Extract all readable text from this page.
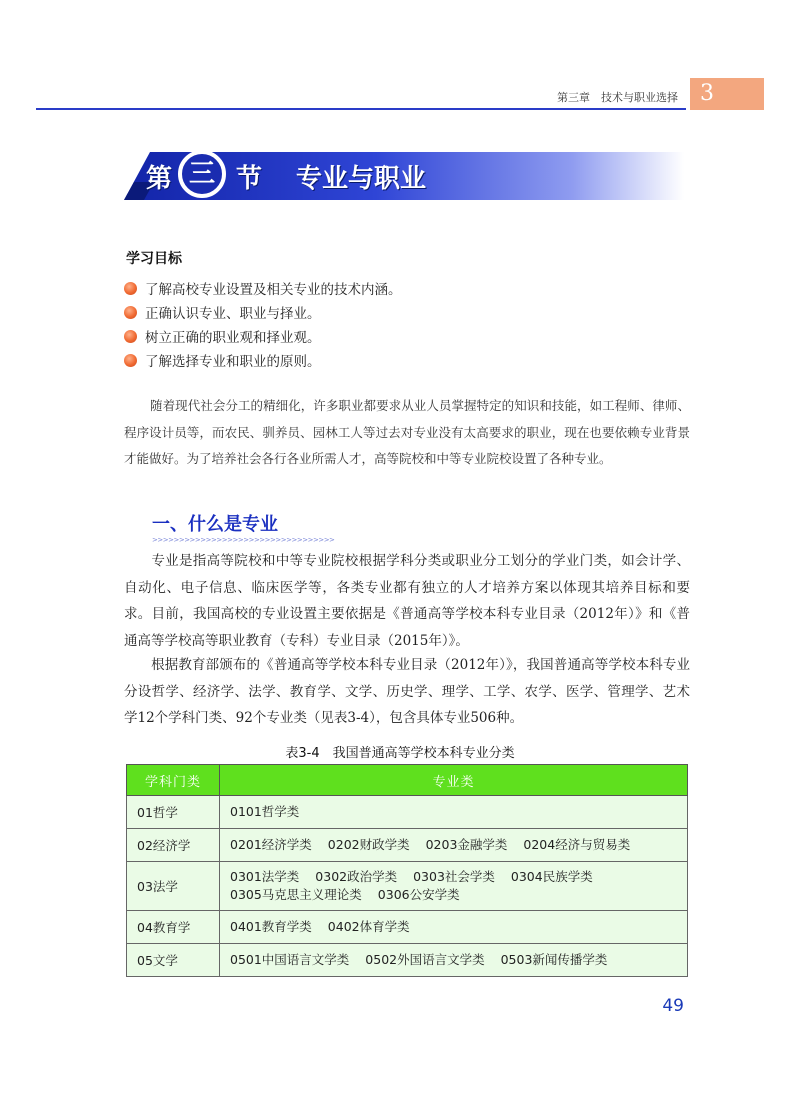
第三章　技术与职业选择	3
第 三 节 专业与职业
学习目标
了解高校专业设置及相关专业的技术内涵。
正确认识专业、职业与择业。
树立正确的职业观和择业观。
了解选择专业和职业的原则。

随着现代社会分工的精细化，许多职业都要求从业人员掌握特定的知识和技能，如工程师、律师、程序设计员等，而农民、驯养员、园林工人等过去对专业没有太高要求的职业，现在也要依赖专业背景才能做好。为了培养社会各行各业所需人才，高等院校和中等专业院校设置了各种专业。

一、什么是专业
>>>>>>>>>>>>>>>>>>>>>>>>>>>>>>>>>>

专业是指高等院校和中等专业院校根据学科分类或职业分工划分的学业门类，如会计学、自动化、电子信息、临床医学等，各类专业都有独立的人才培养方案以体现其培养目标和要求。目前，我国高校的专业设置主要依据是《普通高等学校本科专业目录（2012年）》和《普通高等学校高等职业教育（专科）专业目录（2015年）》。

根据教育部颁布的《普通高等学校本科专业目录（2012年）》，我国普通高等学校本科专业分设哲学、经济学、法学、教育学、文学、历史学、理学、工学、农学、医学、管理学、艺术学12个学科门类、92个专业类（见表3-4），包含具体专业506种。

表3-4　我国普通高等学校本科专业分类
学科门类	专业类
01哲学	0101哲学类

02经济学	0201经济学类 0202财政学类 0203金融学类 0204经济与贸易类

03法学	0301法学类 0302政治学类 0303社会学类 0304民族学类
0305马克思主义理论类 0306公安学类

04教育学	0401教育学类 0402体育学类

05文学	0501中国语言文学类 0502外国语言文学类 0503新闻传播学类
49
